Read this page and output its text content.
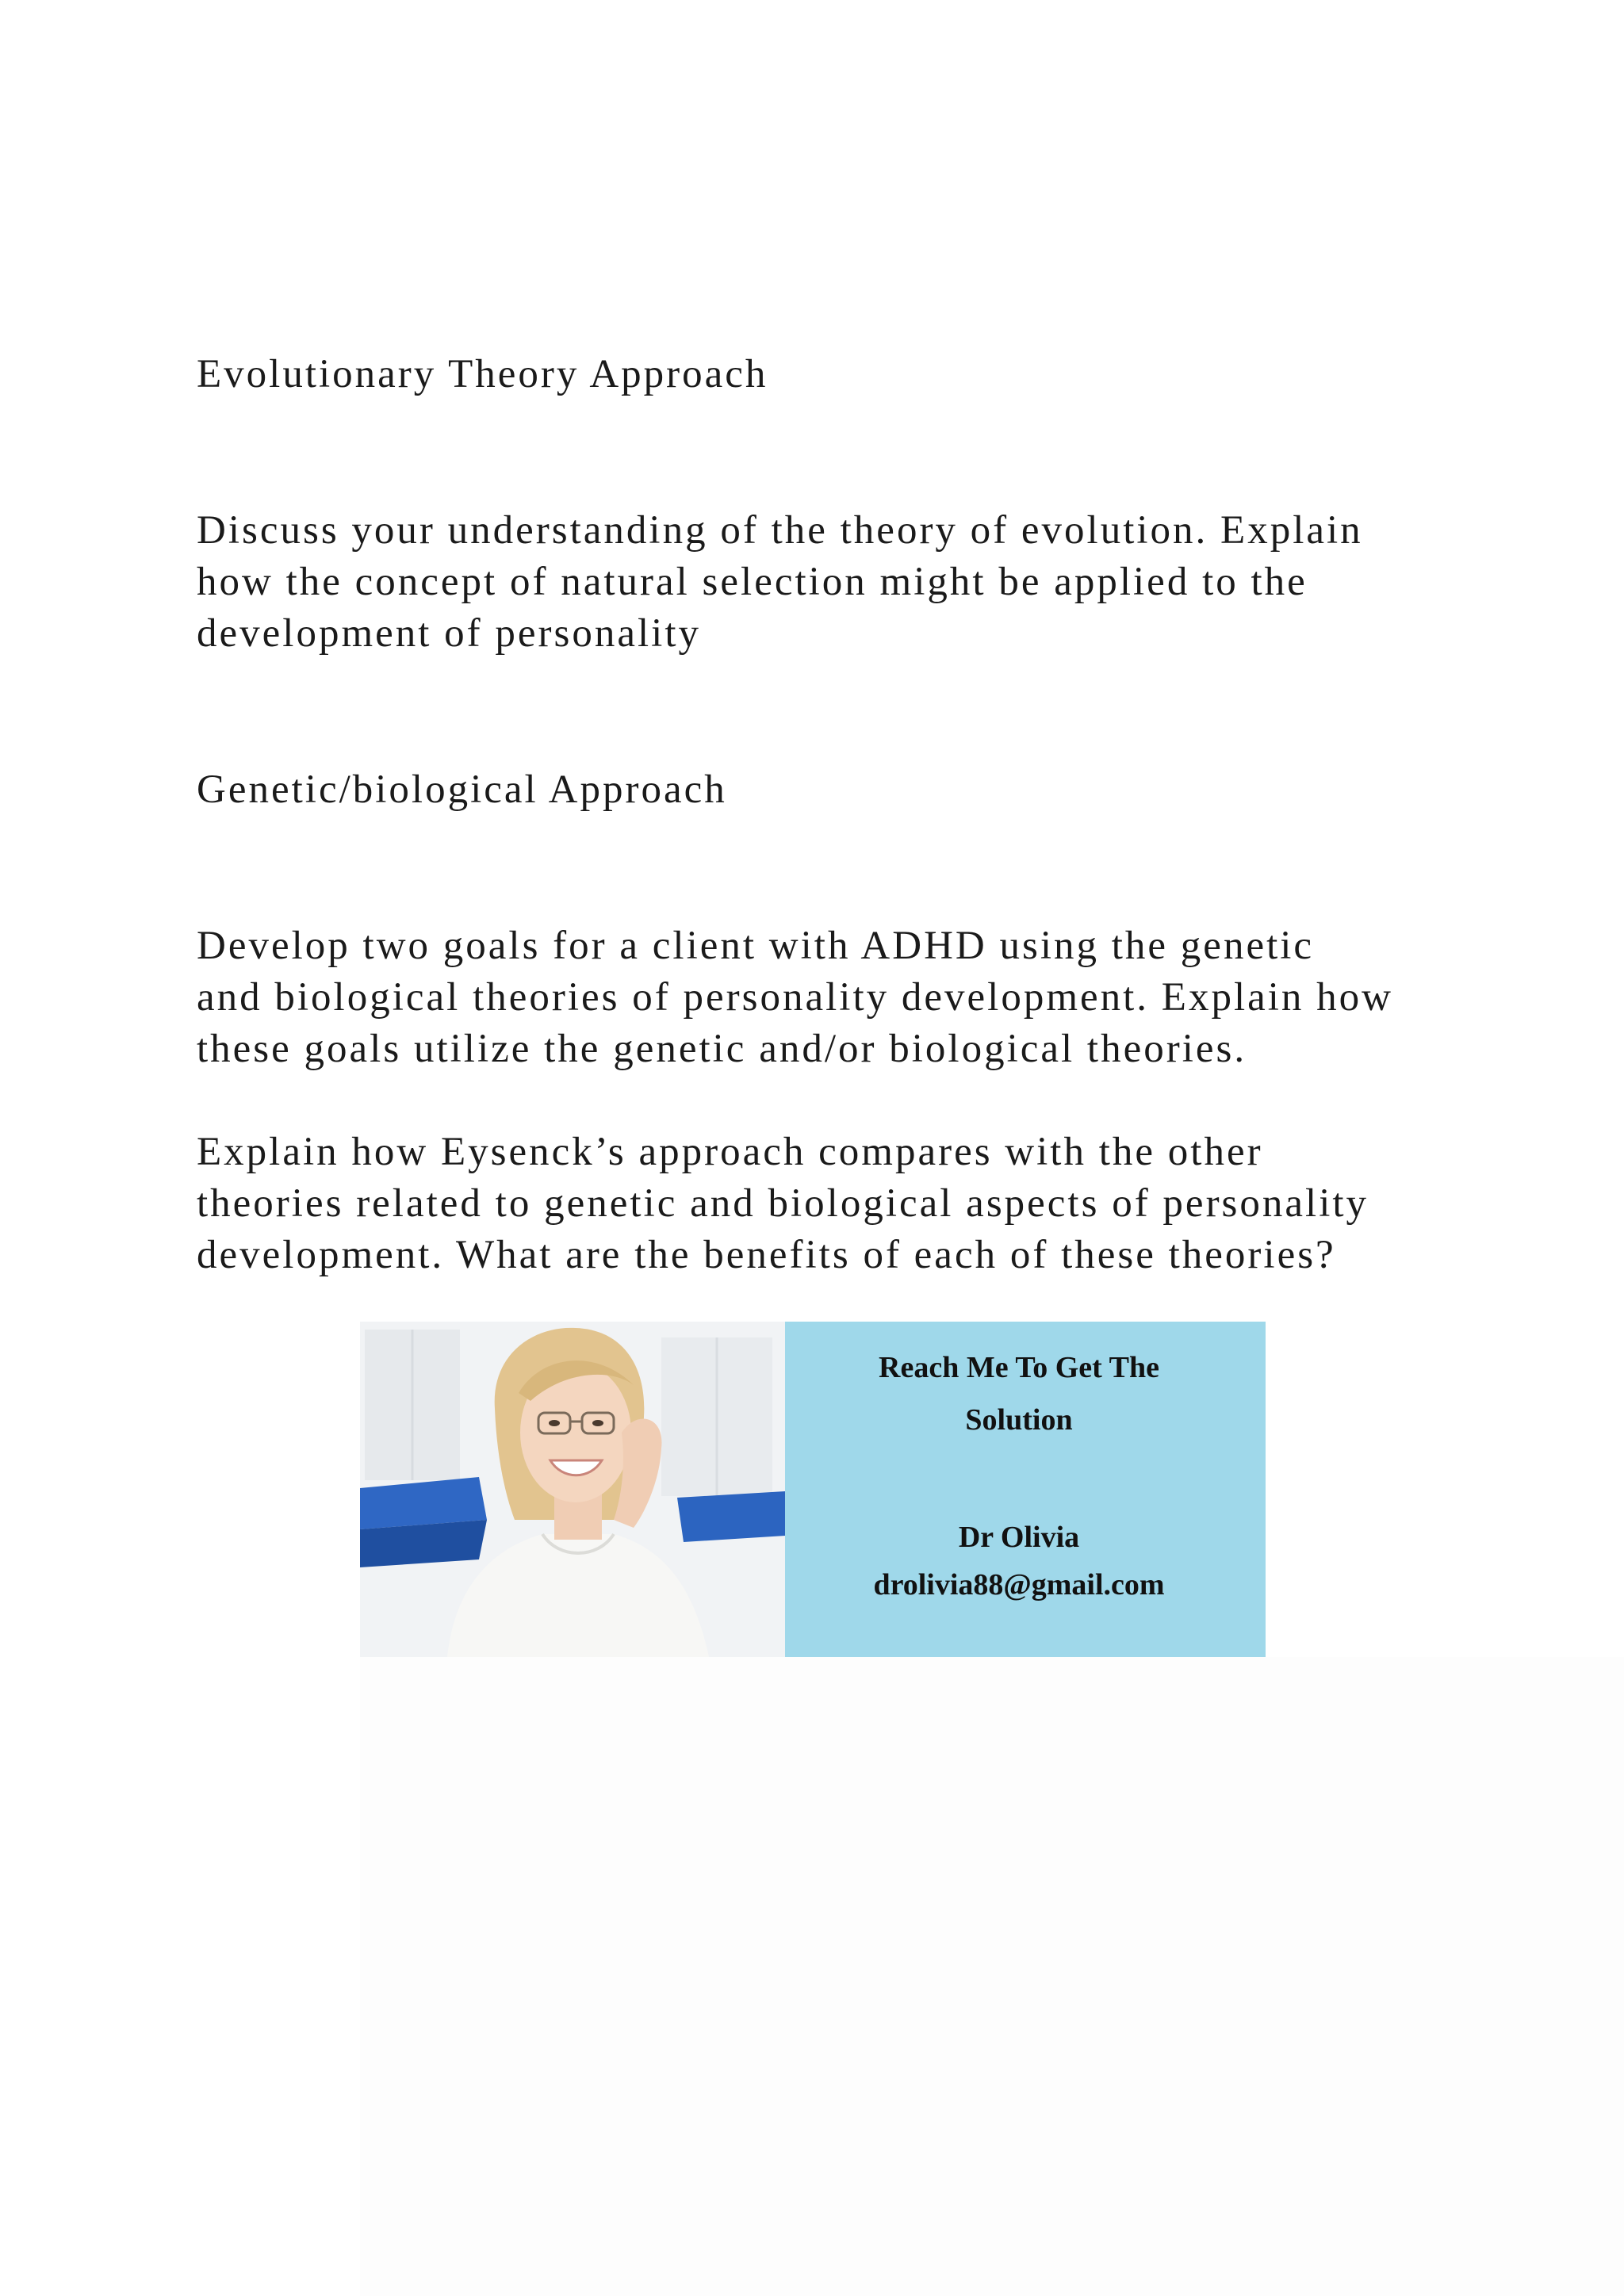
Evolutionary Theory Approach

Discuss your understanding of the theory of evolution. Explain
how the concept of natural selection might be applied to the
development of personality

Genetic/biological Approach

Develop two goals for a client with ADHD using the genetic
and biological theories of personality development. Explain how
these goals utilize the genetic and/or biological theories.

Explain how Eysenck’s approach compares with the other
theories related to genetic and biological aspects of personality
development. What are the benefits of each of these theories?

Reach Me To Get The
Solution
Dr Olivia
drolivia88@gmail.com
